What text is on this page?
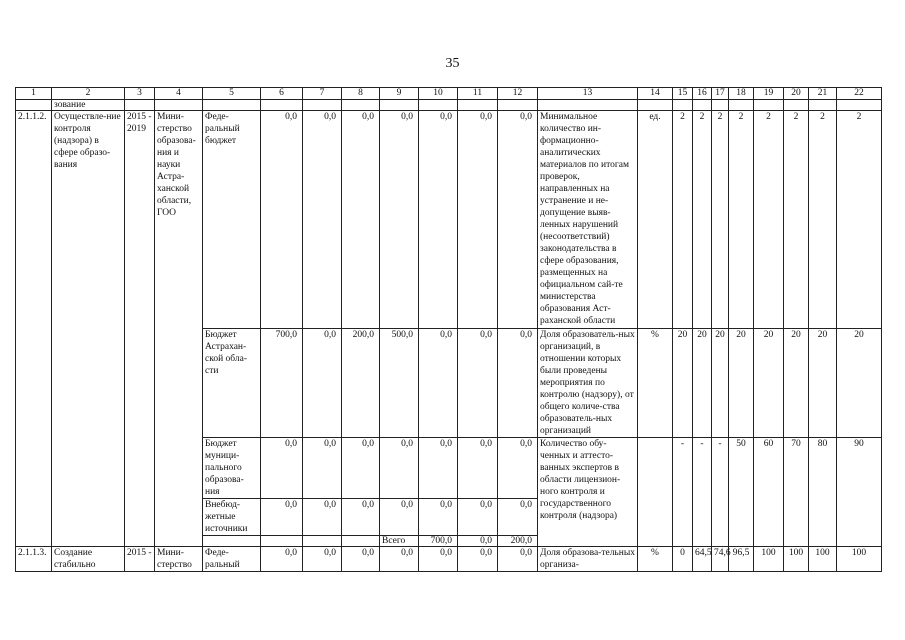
35
1	2	3	4	5	6	7	8	9	10	11	12	13	14	15	16	17	18	19	20	21	22	
	зование																					
2.1.1.2.	Осуществле-ние контроля (надзора) в сфере образо-вания	2015 - 2019	Мини-стерство образова-ния и науки Астра-ханской области, ГОО	Феде-ральный бюджет	0,0	0,0	0,0	0,0	0,0	0,0	0,0	Минимальное количество ин-формационно-аналитических материалов по итогам проверок, направленных на устранение и не-допущение выяв-ленных нарушений (несоответствий) законодательства в сфере образования, размещенных на официальном сай-те министерства образования Аст-раханской области	ед.	2	2	2	2	2	2	2	2	
				Бюджет Астрахан-ской обла-сти	700,0	0,0	200,0	500,0	0,0	0,0	0,0	Доля образователь-ных организаций, в отношении которых были проведены мероприятия по контролю (надзору), от общего количе-ства образователь-ных организаций	%	20	20	20	20	20	20	20	20	
				Бюджет муници-пального образова-ния	0,0	0,0	0,0	0,0	0,0	0,0	0,0	Количество обу-ченных и аттесто-ванных экспертов в области лицензион-ного контроля и государственного контроля (надзора)		-	-	-	50	60	70	80	90	
				Внебюд-жетные источники	0,0	0,0	0,0	0,0	0,0	0,0	0,0											
								Всего	700,0	0,0	200,0														
2.1.1.3.	Создание стабильно	2015 -	Мини-стерство	Феде-ральный	0,0	0,0	0,0	0,0	0,0	0,0	0,0	Доля образова-тельных организа-	%	0	64,5	74,6	96,5	100	100	100	100	
